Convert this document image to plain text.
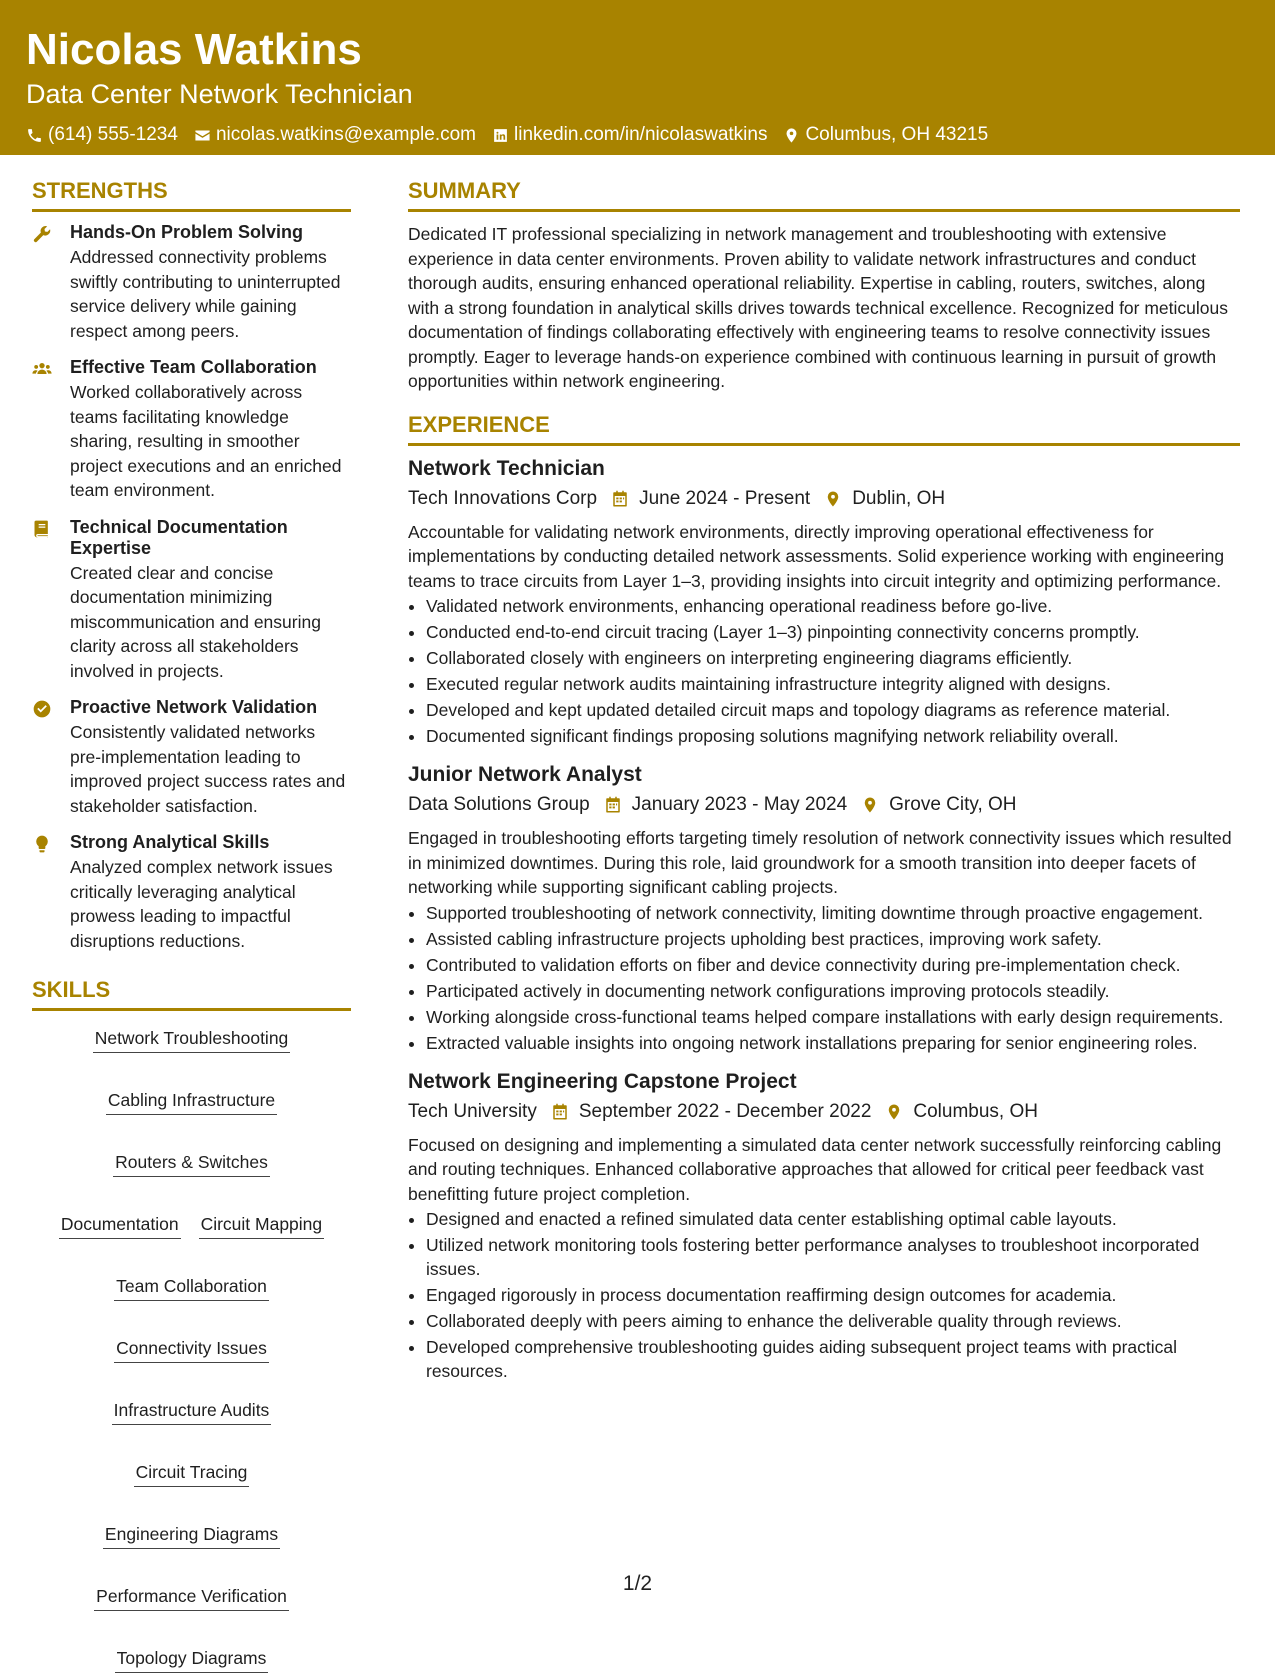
Nicolas Watkins
Data Center Network Technician
(614) 555-1234 nicolas.watkins@example.com linkedin.com/in/nicolaswatkins Columbus, OH 43215
STRENGTHS
Hands-On Problem Solving
Addressed connectivity problems swiftly contributing to uninterrupted service delivery while gaining respect among peers.
Effective Team Collaboration
Worked collaboratively across teams facilitating knowledge sharing, resulting in smoother project executions and an enriched team environment.
Technical Documentation Expertise
Created clear and concise documentation minimizing miscommunication and ensuring clarity across all stakeholders involved in projects.
Proactive Network Validation
Consistently validated networks pre-implementation leading to improved project success rates and stakeholder satisfaction.
Strong Analytical Skills
Analyzed complex network issues critically leveraging analytical prowess leading to impactful disruptions reductions.
SKILLS
Network Troubleshooting
Cabling Infrastructure
Routers & Switches
Documentation Circuit Mapping
Team Collaboration
Connectivity Issues
Infrastructure Audits
Circuit Tracing
Engineering Diagrams
Performance Verification
Topology Diagrams
SUMMARY

Dedicated IT professional specializing in network management and troubleshooting with extensive experience in data center environments. Proven ability to validate network infrastructures and conduct thorough audits, ensuring enhanced operational reliability. Expertise in cabling, routers, switches, along with a strong foundation in analytical skills drives towards technical excellence. Recognized for meticulous documentation of findings collaborating effectively with engineering teams to resolve connectivity issues promptly. Eager to leverage hands-on experience combined with continuous learning in pursuit of growth opportunities within network engineering.

EXPERIENCE
Network Technician
Tech Innovations Corp June 2024 - Present Dublin, OH
Accountable for validating network environments, directly improving operational effectiveness for implementations by conducting detailed network assessments. Solid experience working with engineering teams to trace circuits from Layer 1–3, providing insights into circuit integrity and optimizing performance.
• Validated network environments, enhancing operational readiness before go-live.
• Conducted end-to-end circuit tracing (Layer 1–3) pinpointing connectivity concerns promptly.
• Collaborated closely with engineers on interpreting engineering diagrams efficiently.
• Executed regular network audits maintaining infrastructure integrity aligned with designs.
• Developed and kept updated detailed circuit maps and topology diagrams as reference material.
• Documented significant findings proposing solutions magnifying network reliability overall.
Junior Network Analyst
Data Solutions Group January 2023 - May 2024 Grove City, OH
Engaged in troubleshooting efforts targeting timely resolution of network connectivity issues which resulted in minimized downtimes. During this role, laid groundwork for a smooth transition into deeper facets of networking while supporting significant cabling projects.
• Supported troubleshooting of network connectivity, limiting downtime through proactive engagement.
• Assisted cabling infrastructure projects upholding best practices, improving work safety.
• Contributed to validation efforts on fiber and device connectivity during pre-implementation check.
• Participated actively in documenting network configurations improving protocols steadily.
• Working alongside cross-functional teams helped compare installations with early design requirements.
• Extracted valuable insights into ongoing network installations preparing for senior engineering roles.
Network Engineering Capstone Project
Tech University September 2022 - December 2022 Columbus, OH
Focused on designing and implementing a simulated data center network successfully reinforcing cabling and routing techniques. Enhanced collaborative approaches that allowed for critical peer feedback vast benefitting future project completion.
• Designed and enacted a refined simulated data center establishing optimal cable layouts.
• Utilized network monitoring tools fostering better performance analyses to troubleshoot incorporated issues.
• Engaged rigorously in process documentation reaffirming design outcomes for academia.
• Collaborated deeply with peers aiming to enhance the deliverable quality through reviews.
• Developed comprehensive troubleshooting guides aiding subsequent project teams with practical resources.
1/2
